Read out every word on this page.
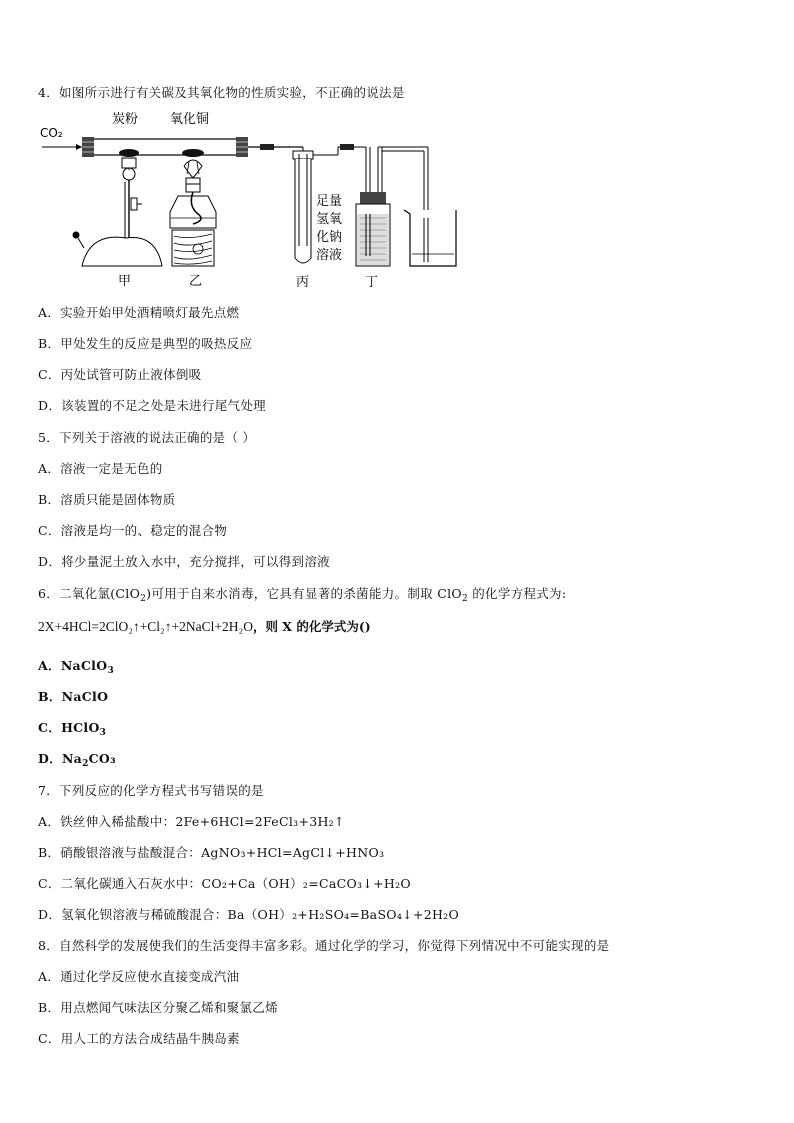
4．如图所示进行有关碳及其氧化物的性质实验，不正确的说法是
CO₂
炭粉 氧化铜
甲	乙	丙
足量
氢氧
化钠
溶液
丁
A．实验开始甲处酒精喷灯最先点燃
B．甲处发生的反应是典型的吸热反应
C．丙处试管可防止液体倒吸
D．该装置的不足之处是未进行尾气处理
5．下列关于溶液的说法正确的是（ ）
A．溶液一定是无色的
B．溶质只能是固体物质
C．溶液是均一的、稳定的混合物
D．将少量泥土放入水中，充分搅拌，可以得到溶液
6．二氧化氯(ClO$_2$)可用于自来水消毒，它具有显著的杀菌能力。制取 ClO$_2$ 的化学方程式为:
2X+4HCl=2ClO₂↑+Cl₂↑+2NaCl+2H₂O，则 X 的化学式为()
A．NaClO$_3$
B．NaClO
C．HClO$_3$
D．$Na_2CO_3$
7．下列反应的化学方程式书写错误的是
A．铁丝伸入稀盐酸中：2Fe+6HCl=2FeCl₃+3H₂↑
B．硝酸银溶液与盐酸混合：AgNO₃+HCl=AgCl↓+HNO₃
C．二氧化碳通入石灰水中：CO₂+Ca（OH）₂=CaCO₃↓+H₂O
D．氢氧化钡溶液与稀硫酸混合：Ba（OH）₂+H₂SO₄=BaSO₄↓+2H₂O
8．自然科学的发展使我们的生活变得丰富多彩。通过化学的学习，你觉得下列情况中不可能实现的是
A．通过化学反应使水直接变成汽油
B．用点燃闻气味法区分聚乙烯和聚氯乙烯
C．用人工的方法合成结晶牛胰岛素
